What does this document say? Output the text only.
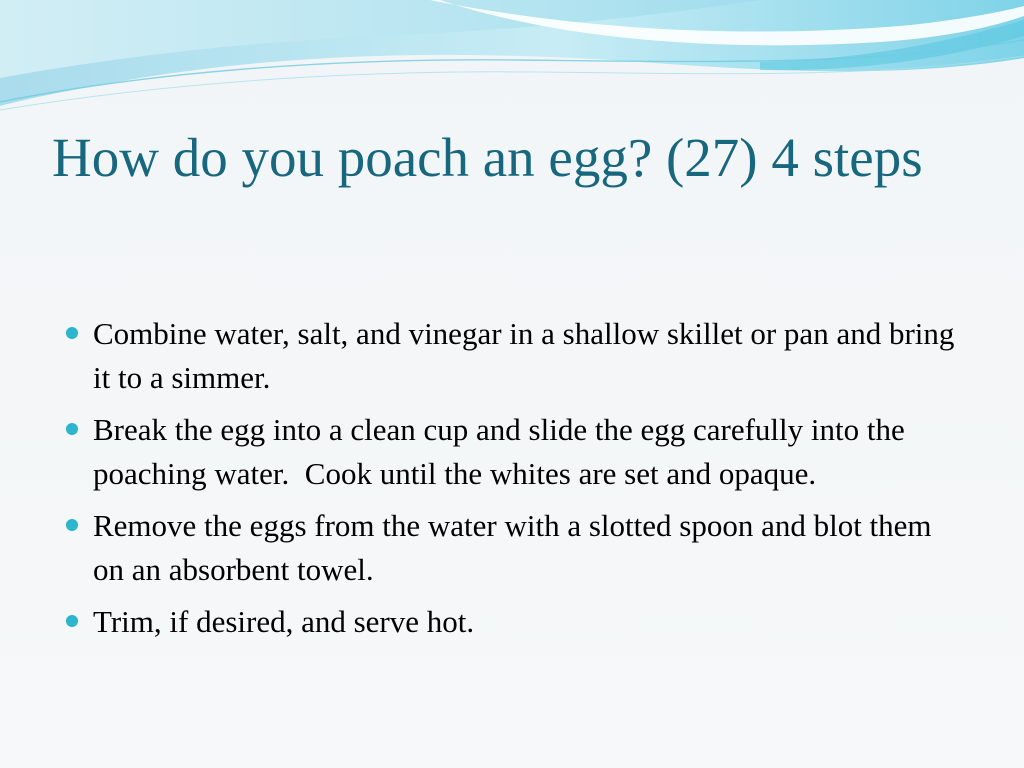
How do you poach an egg? (27) 4 steps
Combine water, salt, and vinegar in a shallow skillet or pan and bring it to a simmer.
Break the egg into a clean cup and slide the egg carefully into the poaching water.  Cook until the whites are set and opaque.
Remove the eggs from the water with a slotted spoon and blot them on an absorbent towel.
Trim, if desired, and serve hot.
